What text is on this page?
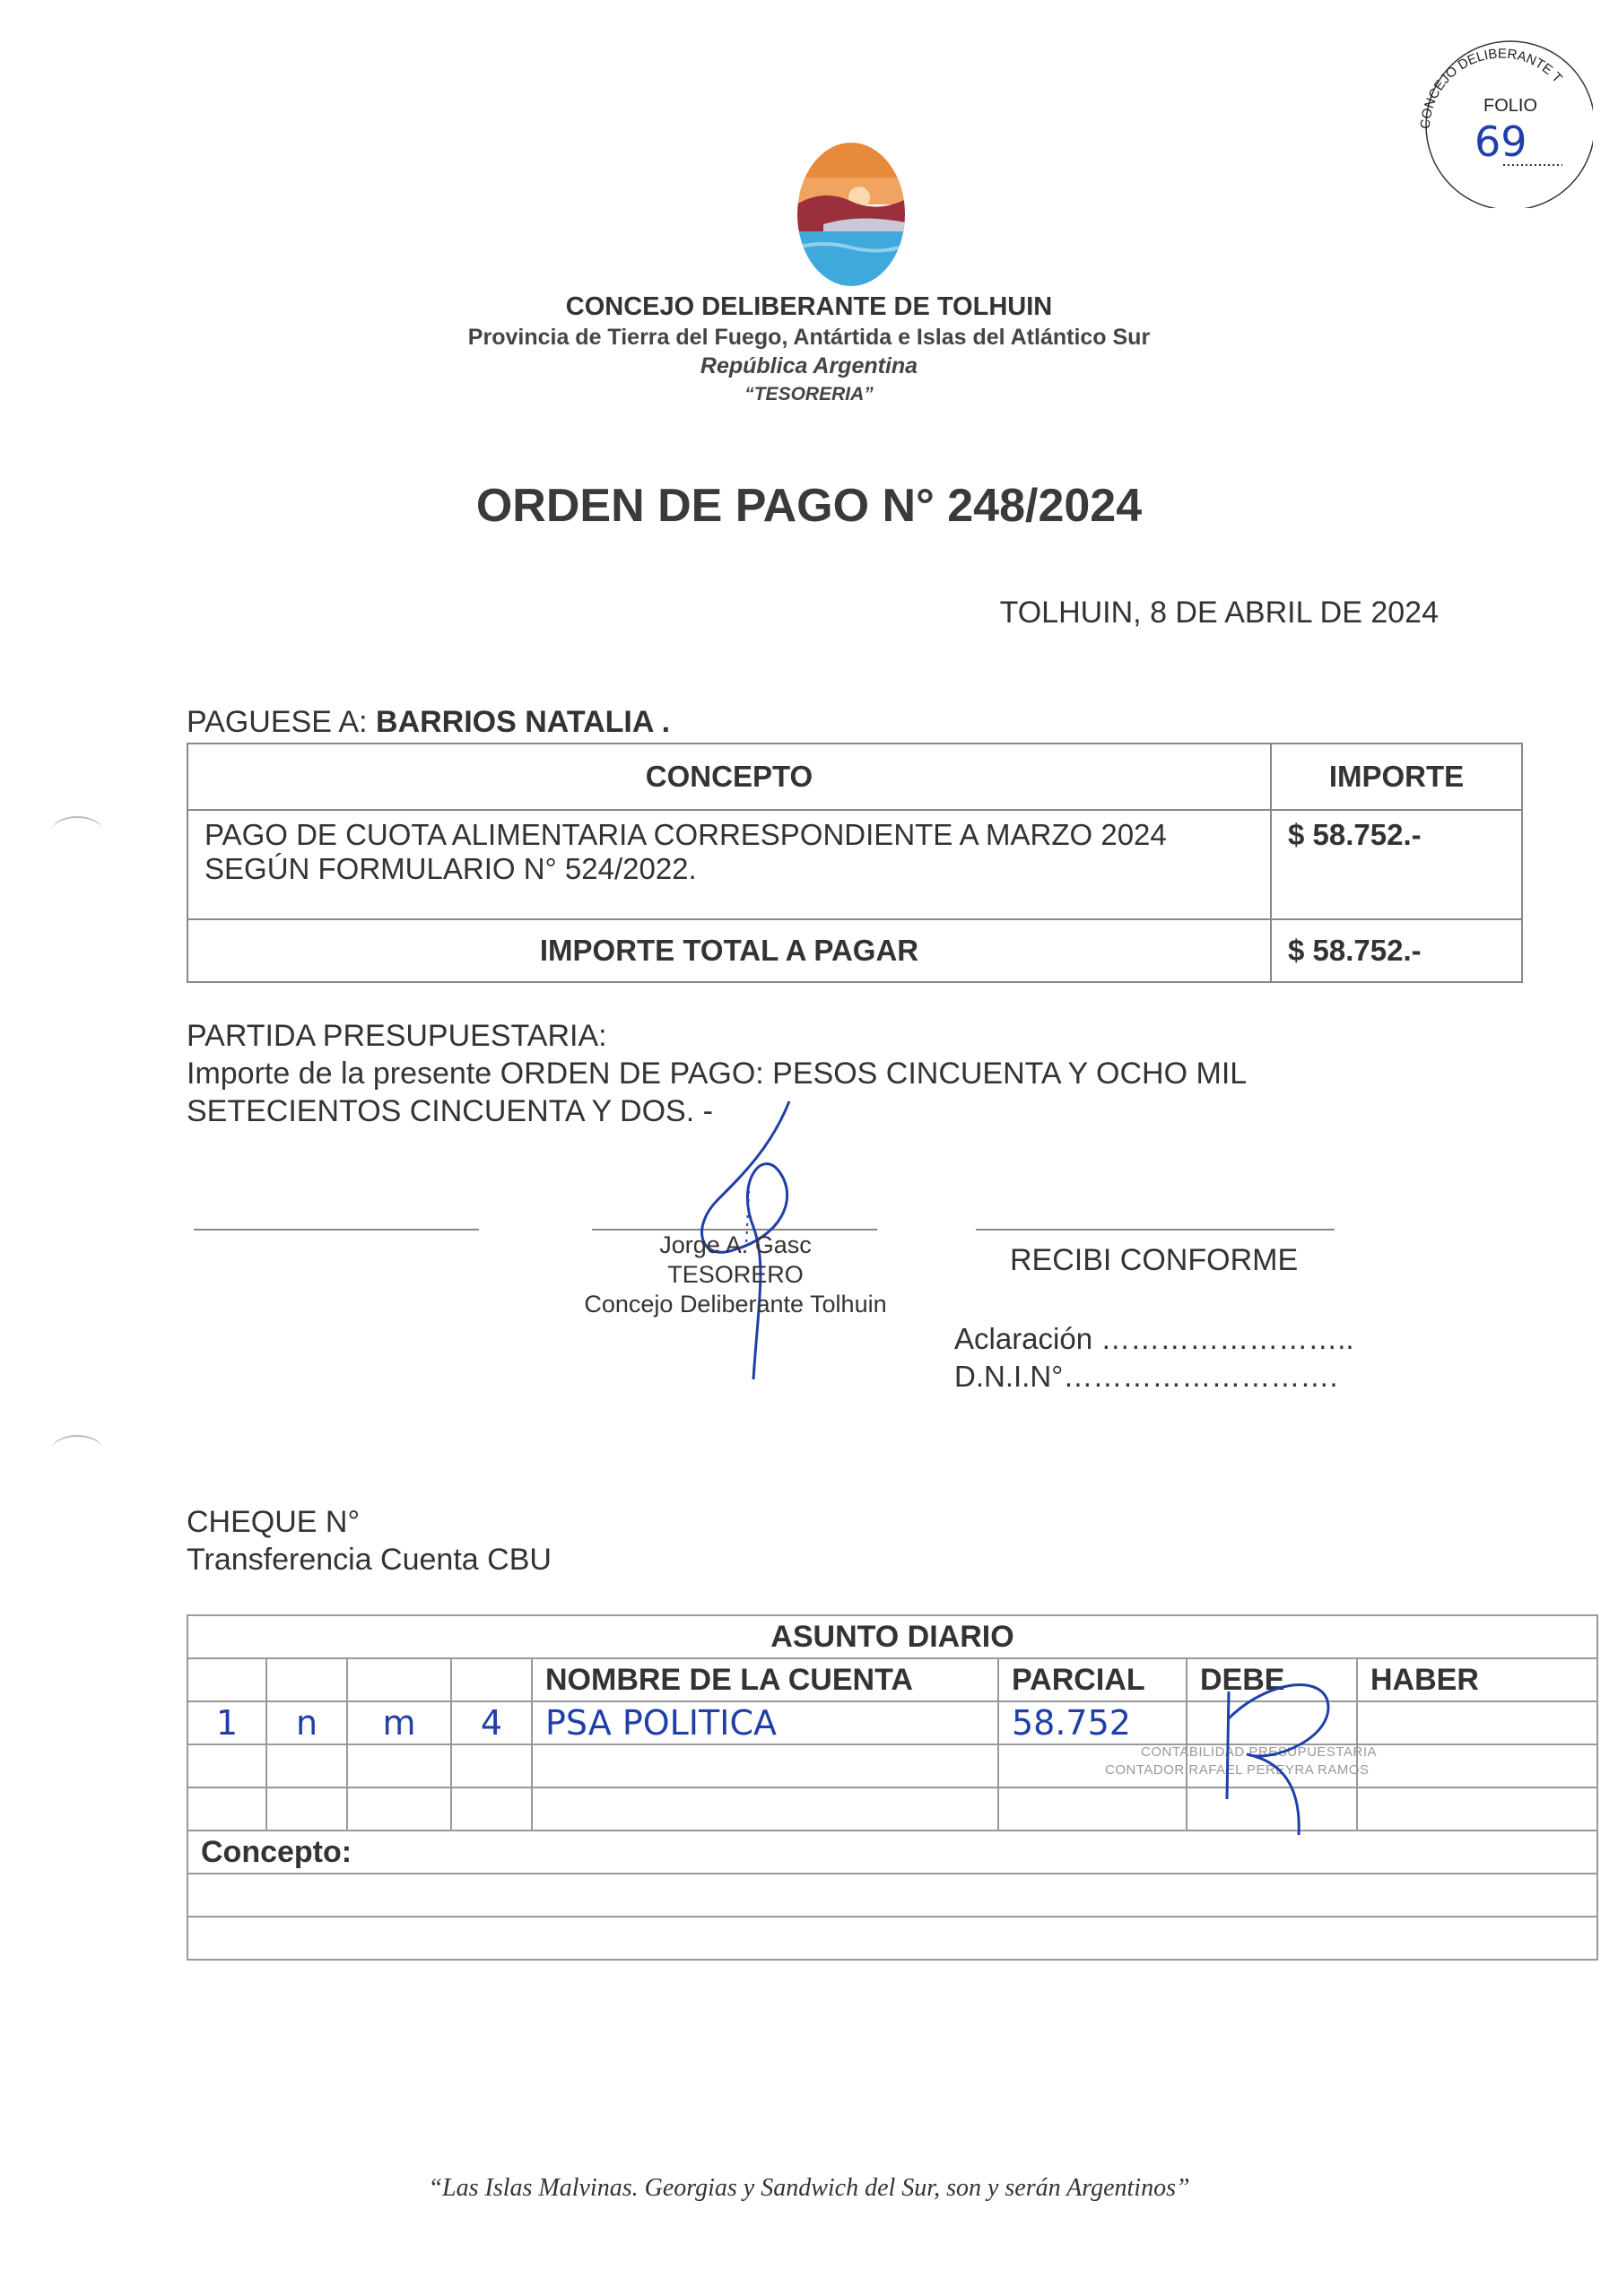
CONCEJO DELIBERANTE T
FOLIO
69
CONCEJO DELIBERANTE DE TOLHUIN
Provincia de Tierra del Fuego, Antártida e Islas del Atlántico Sur
República Argentina
“TESORERIA”
ORDEN DE PAGO N° 248/2024
TOLHUIN, 8 DE ABRIL DE 2024
PAGUESE A: BARRIOS NATALIA .
CONCEPTO	IMPORTE
PAGO DE CUOTA ALIMENTARIA CORRESPONDIENTE A MARZO 2024 SEGÚN FORMULARIO N° 524/2022.	$ 58.752.-
IMPORTE TOTAL A PAGAR	$ 58.752.-
PARTIDA PRESUPUESTARIA:
Importe de la presente ORDEN DE PAGO: PESOS CINCUENTA Y OCHO MIL SETECIENTOS CINCUENTA Y DOS. -
Jorge A. Gasc
TESORERO
Concejo Deliberante Tolhuin
RECIBI CONFORME
Aclaración ……………………..
D.N.I.N°……………………….
CHEQUE N°
Transferencia Cuenta CBU
ASUNTO DIARIO							
				NOMBRE DE LA CUENTA	PARCIAL	DEBE	HABER
1	n	m	4	PSA POLITICA	58.752		

Concepto:							

CONTABILIDAD PRESUPUESTARIA
CONTADOR RAFAEL PEREYRA RAMOS
“Las Islas Malvinas. Georgias y Sandwich del Sur, son y serán Argentinos”
